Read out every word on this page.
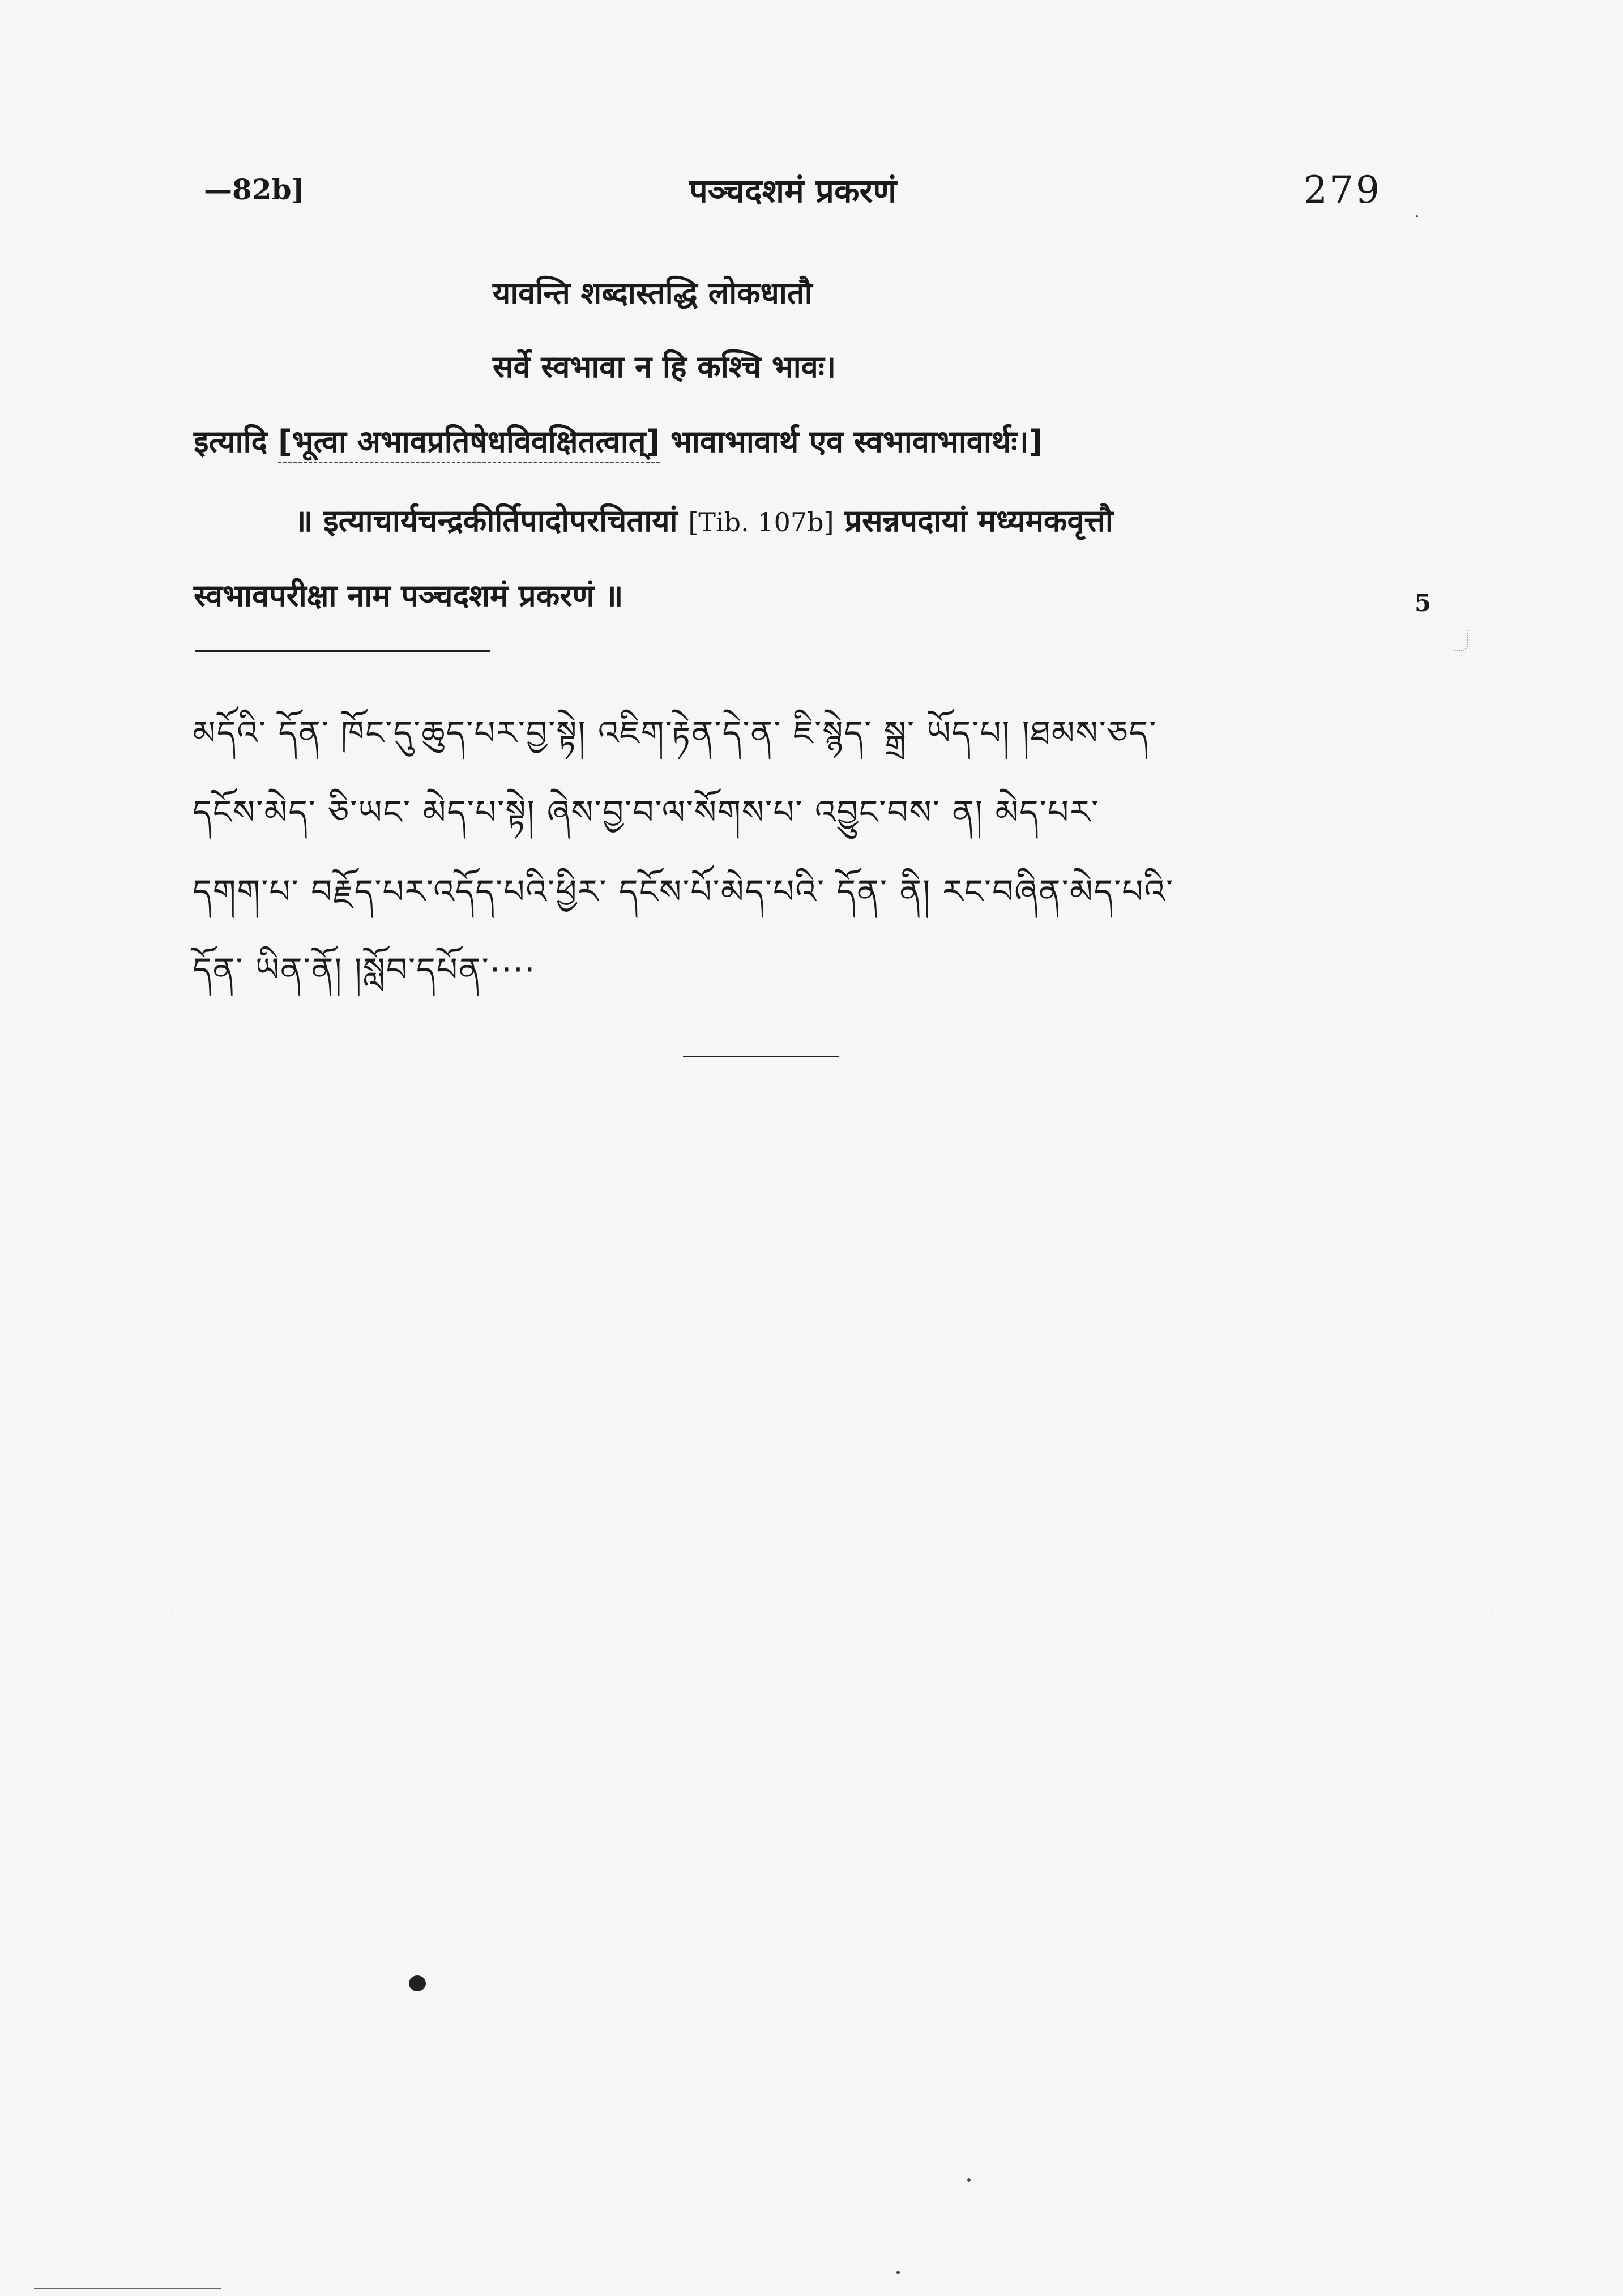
—82b]	पञ्चदशमं प्रकरणं	279
यावन्ति शब्दास्तद्धि लोकधातौ
सर्वे स्वभावा न हि कश्चि भावः।
इत्यादि [भूत्वा अभावप्रतिषेधविवक्षितत्वात्] भावाभावार्थ एव स्वभावाभावार्थः।]
॥ इत्याचार्यचन्द्रकीर्तिपादोपरचितायां [Tib. 107b] प्रसन्नपदायां मध्यमकवृत्तौ
स्वभावपरीक्षा नाम पञ्चदशमं प्रकरणं ॥	5
མདོའི་ དོན་ ཁོང་དུ་ཆུད་པར་བྱ་སྟེ། འཇིག་རྟེན་དེ་ན་ ཇི་སྙེད་ སྒྲ་ ཡོད་པ། །ཐམས་ཅད་
དངོས་མེད་ ཅི་ཡང་ མེད་པ་སྟེ། ཞེས་བྱ་བ་ལ་སོགས་པ་ འབྱུང་བས་ ན། མེད་པར་
དགག་པ་ བརྗོད་པར་འདོད་པའི་ཕྱིར་ དངོས་པོ་མེད་པའི་ དོན་ ནི། རང་བཞིན་མེད་པའི་
དོན་ ཡིན་ནོ། །སློབ་དཔོན་····
